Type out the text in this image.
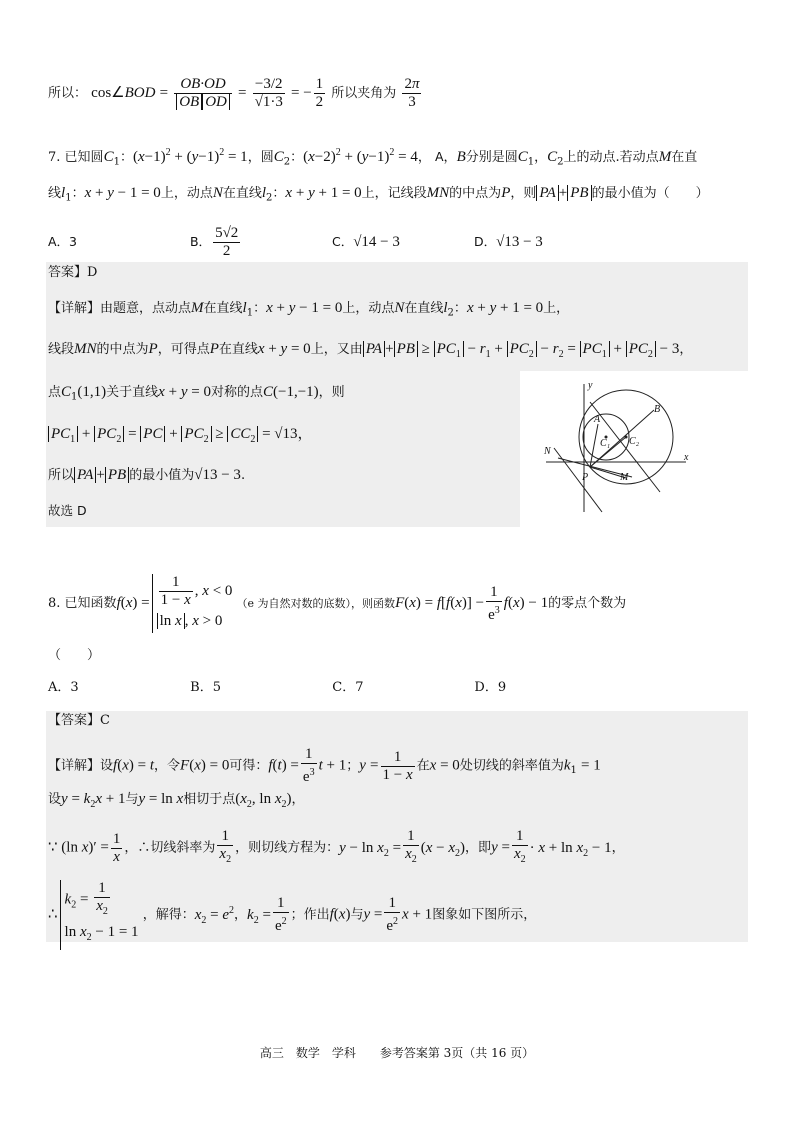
所以： cos∠BOD = $\frac{OB\cdot OD}{\text{OB OD}} = \frac{-3/2}{√1\cdot 3}$ = − $\frac{1}{2}$ 所以夹角为 $\frac{2\pi}{3}$
7. 已知圆$C_1$：$(x-1)^2 + (y-1)^2 = 1$，圆$C_2$：$(x-2)^2 + (y-1)^2 = 4$， A，B分别是圆$C_1$，$C_2$上的动点.若动点M在直
线$l_1$：x + y − 1 = 0上，动点N在直线$l_2$：x + y + 1 = 0上，记线段MN的中点为P，则 PA + PB 的最小值为（　　）
A．3	B． $\frac{5√2}{2}$	C．√14 − 3	D．√13 − 3
答案】D
【详解】由题意，点动点M在直线$l_1$：x + y − 1 = 0上，动点N在直线$l_2$：x + y + 1 = 0上，
线段MN的中点为P，可得点P在直线x + y = 0上，又由 PA + PB ≥ $PC_1 - r_1 + PC_2 - r_2 = PC_1 + PC_2 - 3$，
点$C_1(1,1)$关于直线x + y = 0对称的点C(−1,−1)，则
$PC_1 + PC_2$ = PC + $PC_2 \ge CC_2 = √13$，
所以 PA + PB 的最小值为√13 − 3.
故选 D
y
A
B
C₁ C₂
N
P	M
x
8. 已知函数$f(x) = \frac{1}{1 - x}$ , x < 0
ln x , x > 0
（e 为自然对数的底数），则函数$F(x) = f[f(x)] - \frac{1}{e^3} f(x) - 1$的零点个数为
（　　）
A．3	B．5	C．7	D．9
【答案】C
【详解】设f(x) = t，令F(x) = 0可得：$f(t) = \frac{1}{e^3}$ t + 1；$y = \frac{1}{1 - x}$ 在x = 0处切线的斜率值为$k_1 = 1$
设$y = k_2x + 1$与y = ln x相切于点($x_2$, $\ln x_2$)，
∵ (ln $x)' = \frac{1}{x}$ ，∴切线斜率为 $\frac{1}{x_2}$ ，则切线方程为：$y - \ln x_2 = \frac{1}{x_2} (x - x_2)$，即$y = \frac{1}{x_2} \cdot x + \ln x_2 - 1$，
∴
$k_2 = \frac{1}{x_2}$
$\ln x_2 - 1 = 1$
，解得：$x_2 = e^2$，$k_2 = \frac{1}{e^2}$ ；作出f(x)与$y = \frac{1}{e^2}$ x + 1图象如下图所示，
高三　数学　学科　　参考答案第 3页（共 16 页）
